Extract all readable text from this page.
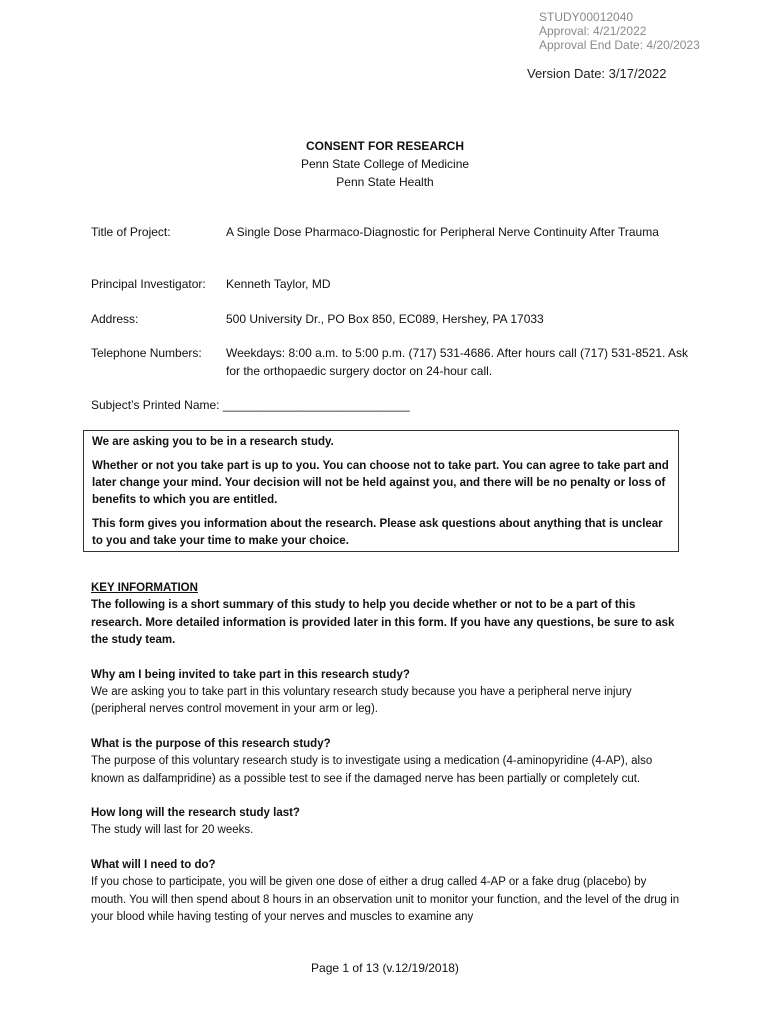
STUDY00012040
Approval: 4/21/2022
Approval End Date: 4/20/2023
Version Date: 3/17/2022
CONSENT FOR RESEARCH
Penn State College of Medicine
Penn State Health
Title of Project:	A Single Dose Pharmaco-Diagnostic for Peripheral Nerve Continuity After Trauma
Principal Investigator: Kenneth Taylor, MD
Address:	500 University Dr., PO Box 850, EC089, Hershey, PA 17033
Telephone Numbers: Weekdays: 8:00 a.m. to 5:00 p.m. (717) 531-4686. After hours call (717) 531-8521. Ask for the orthopaedic surgery doctor on 24-hour call.
Subject’s Printed Name: ____________________________

We are asking you to be in a research study.

Whether or not you take part is up to you. You can choose not to take part. You can agree to take part and later change your mind. Your decision will not be held against you, and there will be no penalty or loss of benefits to which you are entitled.

This form gives you information about the research. Please ask questions about anything that is unclear to you and take your time to make your choice.

KEY INFORMATION

The following is a short summary of this study to help you decide whether or not to be a part of this research. More detailed information is provided later in this form. If you have any questions, be sure to ask the study team.

Why am I being invited to take part in this research study?

We are asking you to take part in this voluntary research study because you have a peripheral nerve injury (peripheral nerves control movement in your arm or leg).

What is the purpose of this research study?

The purpose of this voluntary research study is to investigate using a medication (4-aminopyridine (4-AP), also known as dalfampridine) as a possible test to see if the damaged nerve has been partially or completely cut.

How long will the research study last?

The study will last for 20 weeks.

What will I need to do?

If you chose to participate, you will be given one dose of either a drug called 4-AP or a fake drug (placebo) by mouth. You will then spend about 8 hours in an observation unit to monitor your function, and the level of the drug in your blood while having testing of your nerves and muscles to examine any

Page 1 of 13 (v.12/19/2018)
